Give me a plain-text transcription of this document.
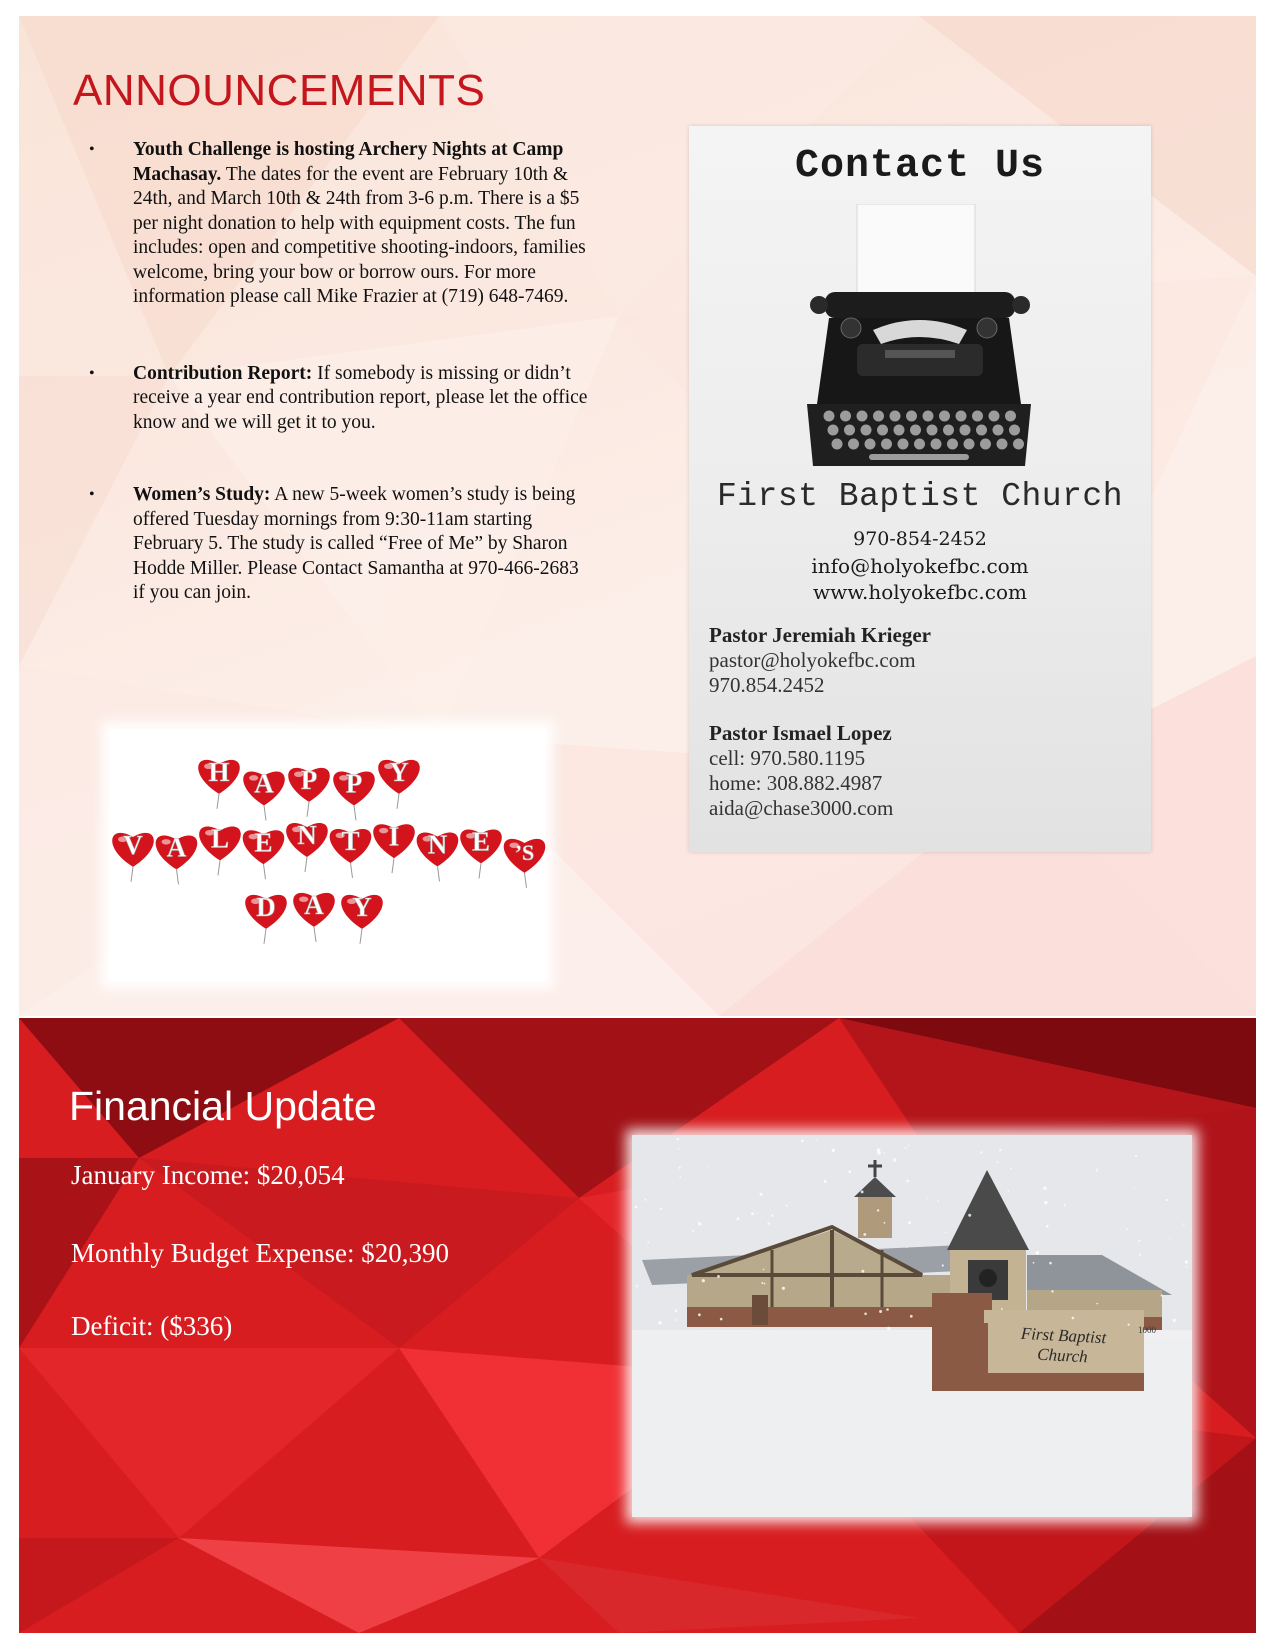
ANNOUNCEMENTS
• Youth Challenge is hosting Archery Nights at Camp Machasay. The dates for the event are February 10th & 24th, and March 10th & 24th from 3-6 p.m. There is a $5 per night donation to help with equipment costs. The fun includes: open and competitive shooting-indoors, families welcome, bring your bow or borrow ours. For more information please call Mike Frazier at (719) 648-7469.
• Contribution Report: If somebody is missing or didn’t receive a year end contribution report, please let the office know and we will get it to you.
• Women’s Study: A new 5-week women’s study is being offered Tuesday mornings from 9:30-11am starting February 5. The study is called “Free of Me” by Sharon Hodde Miller. Please Contact Samantha at 970-466-2683 if you can join.
H A P P Y
V A L E N T I N E ’S
D A Y
Contact Us
First Baptist Church
970-854-2452
info@holyokefbc.com
www.holyokefbc.com
Pastor Jeremiah Krieger
pastor@holyokefbc.com
970.854.2452
Pastor Ismael Lopez
cell: 970.580.1195
home: 308.882.4987
aida@chase3000.com
Financial Update
January Income: $20,054
Monthly Budget Expense: $20,390
Deficit: ($336)	First Baptist Church
1000
